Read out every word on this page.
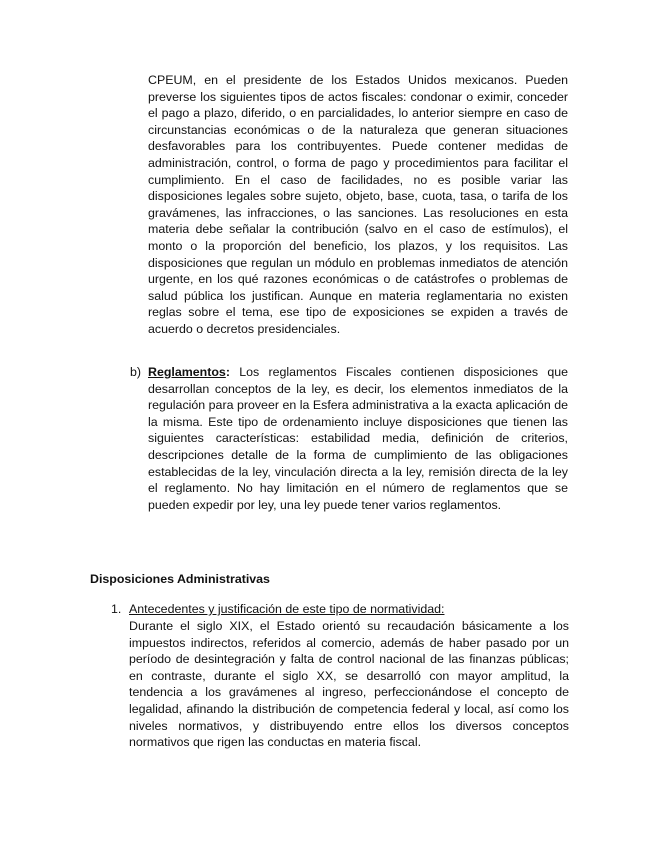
CPEUM, en el presidente de los Estados Unidos mexicanos. Pueden preverse los siguientes tipos de actos fiscales: condonar o eximir, conceder el pago a plazo, diferido, o en parcialidades, lo anterior siempre en caso de circunstancias económicas o de la naturaleza que generan situaciones desfavorables para los contribuyentes. Puede contener medidas de administración, control, o forma de pago y procedimientos para facilitar el cumplimiento. En el caso de facilidades, no es posible variar las disposiciones legales sobre sujeto, objeto, base, cuota, tasa, o tarifa de los gravámenes, las infracciones, o las sanciones. Las resoluciones en esta materia debe señalar la contribución (salvo en el caso de estímulos), el monto o la proporción del beneficio, los plazos, y los requisitos. Las disposiciones que regulan un módulo en problemas inmediatos de atención urgente, en los qué razones económicas o de catástrofes o problemas de salud pública los justifican. Aunque en materia reglamentaria no existen reglas sobre el tema, ese tipo de exposiciones se expiden a través de acuerdo o decretos presidenciales.

b) Reglamentos: Los reglamentos Fiscales contienen disposiciones que desarrollan conceptos de la ley, es decir, los elementos inmediatos de la regulación para proveer en la Esfera administrativa a la exacta aplicación de la misma. Este tipo de ordenamiento incluye disposiciones que tienen las siguientes características: estabilidad media, definición de criterios, descripciones detalle de la forma de cumplimiento de las obligaciones establecidas de la ley, vinculación directa a la ley, remisión directa de la ley el reglamento. No hay limitación en el número de reglamentos que se pueden expedir por ley, una ley puede tener varios reglamentos.

Disposiciones Administrativas
1. Antecedentes y justificación de este tipo de normatividad:

Durante el siglo XIX, el Estado orientó su recaudación básicamente a los impuestos indirectos, referidos al comercio, además de haber pasado por un período de desintegración y falta de control nacional de las finanzas públicas; en contraste, durante el siglo XX, se desarrolló con mayor amplitud, la tendencia a los gravámenes al ingreso, perfeccionándose el concepto de legalidad, afinando la distribución de competencia federal y local, así como los niveles normativos, y distribuyendo entre ellos los diversos conceptos normativos que rigen las conductas en materia fiscal.
